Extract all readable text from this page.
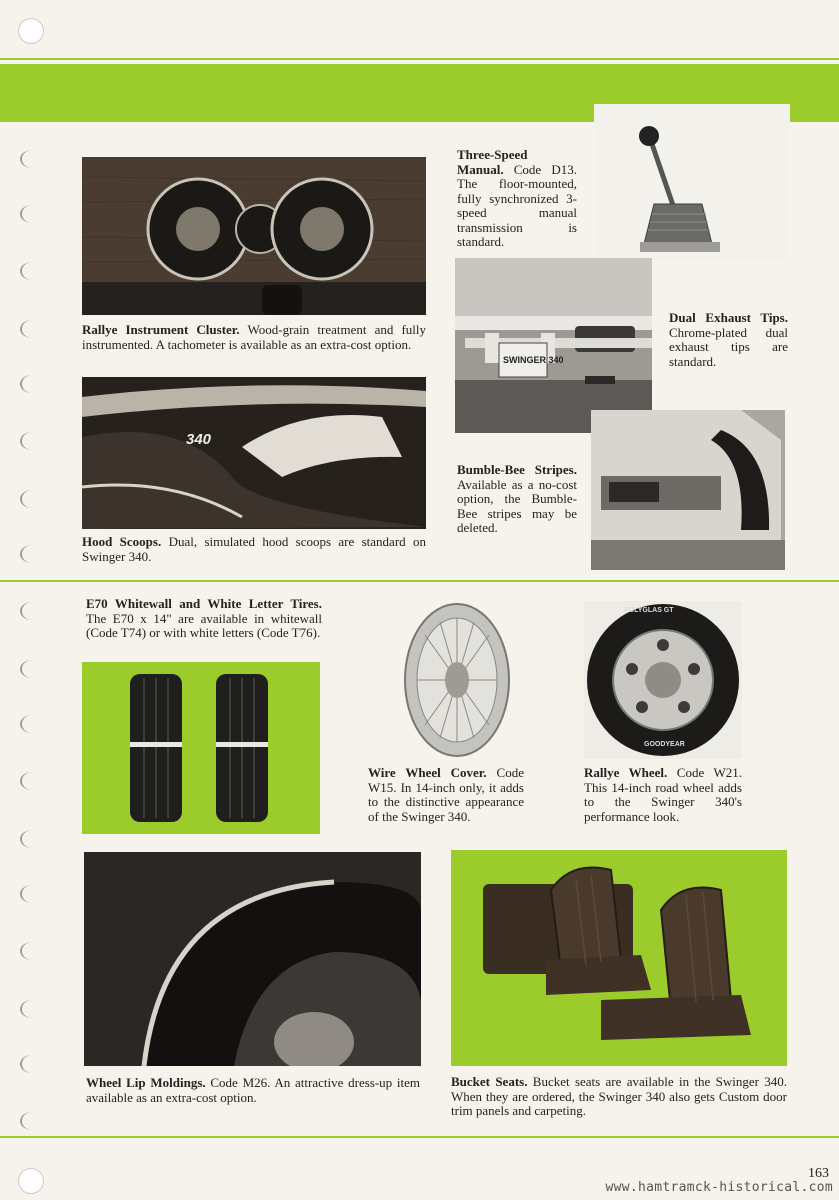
SWINGER 340
340
POLYGLAS GT
GOODYEAR
Three-Speed Manual. Code D13. The floor-mounted, fully synchronized 3-speed manual transmission is standard.
Rallye Instrument Cluster. Wood-grain treatment and fully instrumented. A tachometer is available as an extra-cost option.
Dual Exhaust Tips. Chrome-plated dual exhaust tips are standard.
Hood Scoops. Dual, simulated hood scoops are standard on Swinger 340.
Bumble-Bee Stripes. Available as a no-cost option, the Bumble-Bee stripes may be deleted.
E70 Whitewall and White Letter Tires. The E70 x 14" are available in whitewall (Code T74) or with white letters (Code T76).
Wire Wheel Cover. Code W15. In 14-inch only, it adds to the distinctive appearance of the Swinger 340.
Rallye Wheel. Code W21. This 14-inch road wheel adds to the Swinger 340's performance look.
Wheel Lip Moldings. Code M26. An attractive dress-up item available as an extra-cost option.
Bucket Seats. Bucket seats are available in the Swinger 340. When they are ordered, the Swinger 340 also gets Custom door trim panels and carpeting.
163
www.hamtramck-historical.com
